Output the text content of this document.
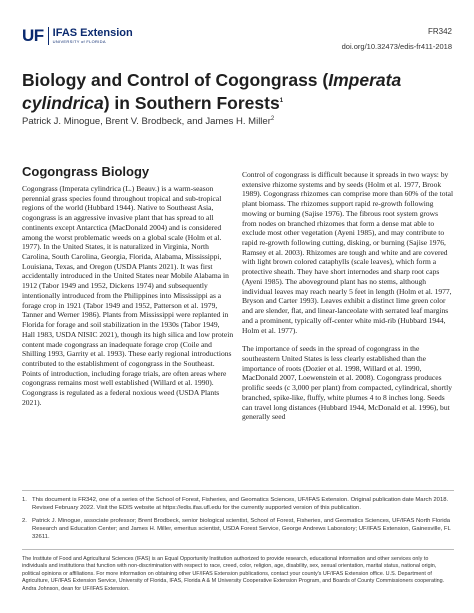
UF IFAS Extension
UNIVERSITY of FLORIDA
FR342
doi.org/10.32473/edis-fr411-2018
Biology and Control of Cogongrass (Imperata cylindrica) in Southern Forests$^1$
Patrick J. Minogue, Brent V. Brodbeck, and James H. Miller$^2$
Cogongrass Biology

Cogongrass (Imperata cylindrica (L.) Beauv.) is a warm-season perennial grass species found throughout tropical and sub-tropical regions of the world (Hubbard 1944). Native to Southeast Asia, cogongrass is an aggressive invasive plant that has spread to all continents except Antarctica (MacDonald 2004) and is considered among the worst problematic weeds on a global scale (Holm et al. 1977). In the United States, it is naturalized in Virginia, North Carolina, South Carolina, Georgia, Florida, Alabama, Mississippi, Louisiana, Texas, and Oregon (USDA Plants 2021). It was first accidentally introduced in the United States near Mobile Alabama in 1912 (Tabor 1949 and 1952, Dickens 1974) and subsequently intentionally introduced from the Philippines into Mississippi as a forage crop in 1921 (Tabor 1949 and 1952, Patterson et al. 1979, Tanner and Werner 1986). Plants from Mississippi were replanted in Florida for forage and soil stabilization in the 1930s (Tabor 1949, Hall 1983, USDA NISIC 2021), though its high silica and low protein content made cogongrass an inadequate forage crop (Coile and Shilling 1993, Garrity et al. 1993). These early regional introductions contributed to the establishment of cogongrass in the Southeast. Points of introduction, including forage trials, are often areas where cogongrass remains most well established (Willard et al. 1990). Cogongrass is regulated as a federal noxious weed (USDA Plants 2021).

Control of cogongrass is difficult because it spreads in two ways: by extensive rhizome systems and by seeds (Holm et al. 1977, Brook 1989). Cogongrass rhizomes can comprise more than 60% of the total plant biomass. The rhizomes support rapid re-growth following mowing or burning (Sajise 1976). The fibrous root system grows from nodes on branched rhizomes that form a dense mat able to exclude most other vegetation (Ayeni 1985), and may contribute to rapid re-growth following cutting, disking, or burning (Sajise 1976, Ramsey et al. 2003). Rhizomes are tough and white and are covered with light brown colored cataphylls (scale leaves), which form a protective sheath. They have short internodes and sharp root caps (Ayeni 1985). The aboveground plant has no stems, although individual leaves may reach nearly 5 feet in length (Holm et al. 1977, Bryson and Carter 1993). Leaves exhibit a distinct lime green color and are slender, flat, and linear-lanceolate with serrated leaf margins and a prominent, typically off-center white mid-rib (Hubbard 1944, Holm et al. 1977).

The importance of seeds in the spread of cogongrass in the southeastern United States is less clearly established than the importance of roots (Dozier et al. 1998, Willard et al. 1990, MacDonald 2007, Loewenstein et al. 2008). Cogongrass produces prolific seeds (c 3,000 per plant) from compacted, cylindrical, shortly branched, spike-like, fluffy, white plumes 4 to 8 inches long. Seeds can travel long distances (Hubbard 1944, McDonald et al. 1996), but generally seed

1. This document is FR342, one of a series of the School of Forest, Fisheries, and Geomatics Sciences, UF/IFAS Extension. Original publication date March 2018. Revised February 2022. Visit the EDIS website at https://edis.ifas.ufl.edu for the currently supported version of this publication.
2. Patrick J. Minogue, associate professor; Brent Brodbeck, senior biological scientist, School of Forest, Fisheries, and Geomatics Sciences, UF/IFAS North Florida Research and Education Center; and James H. Miller, emeritus scientist, USDA Forest Service, George Andrews Laboratory; UF/IFAS Extension, Gainesville, FL 32611.
The Institute of Food and Agricultural Sciences (IFAS) is an Equal Opportunity Institution authorized to provide research, educational information and other services only to individuals and institutions that function with non-discrimination with respect to race, creed, color, religion, age, disability, sex, sexual orientation, marital status, national origin, political opinions or affiliations. For more information on obtaining other UF/IFAS Extension publications, contact your county's UF/IFAS Extension office. U.S. Department of Agriculture, UF/IFAS Extension Service, University of Florida, IFAS, Florida A & M University Cooperative Extension Program, and Boards of County Commissioners cooperating. Andra Johnson, dean for UF/IFAS Extension.
